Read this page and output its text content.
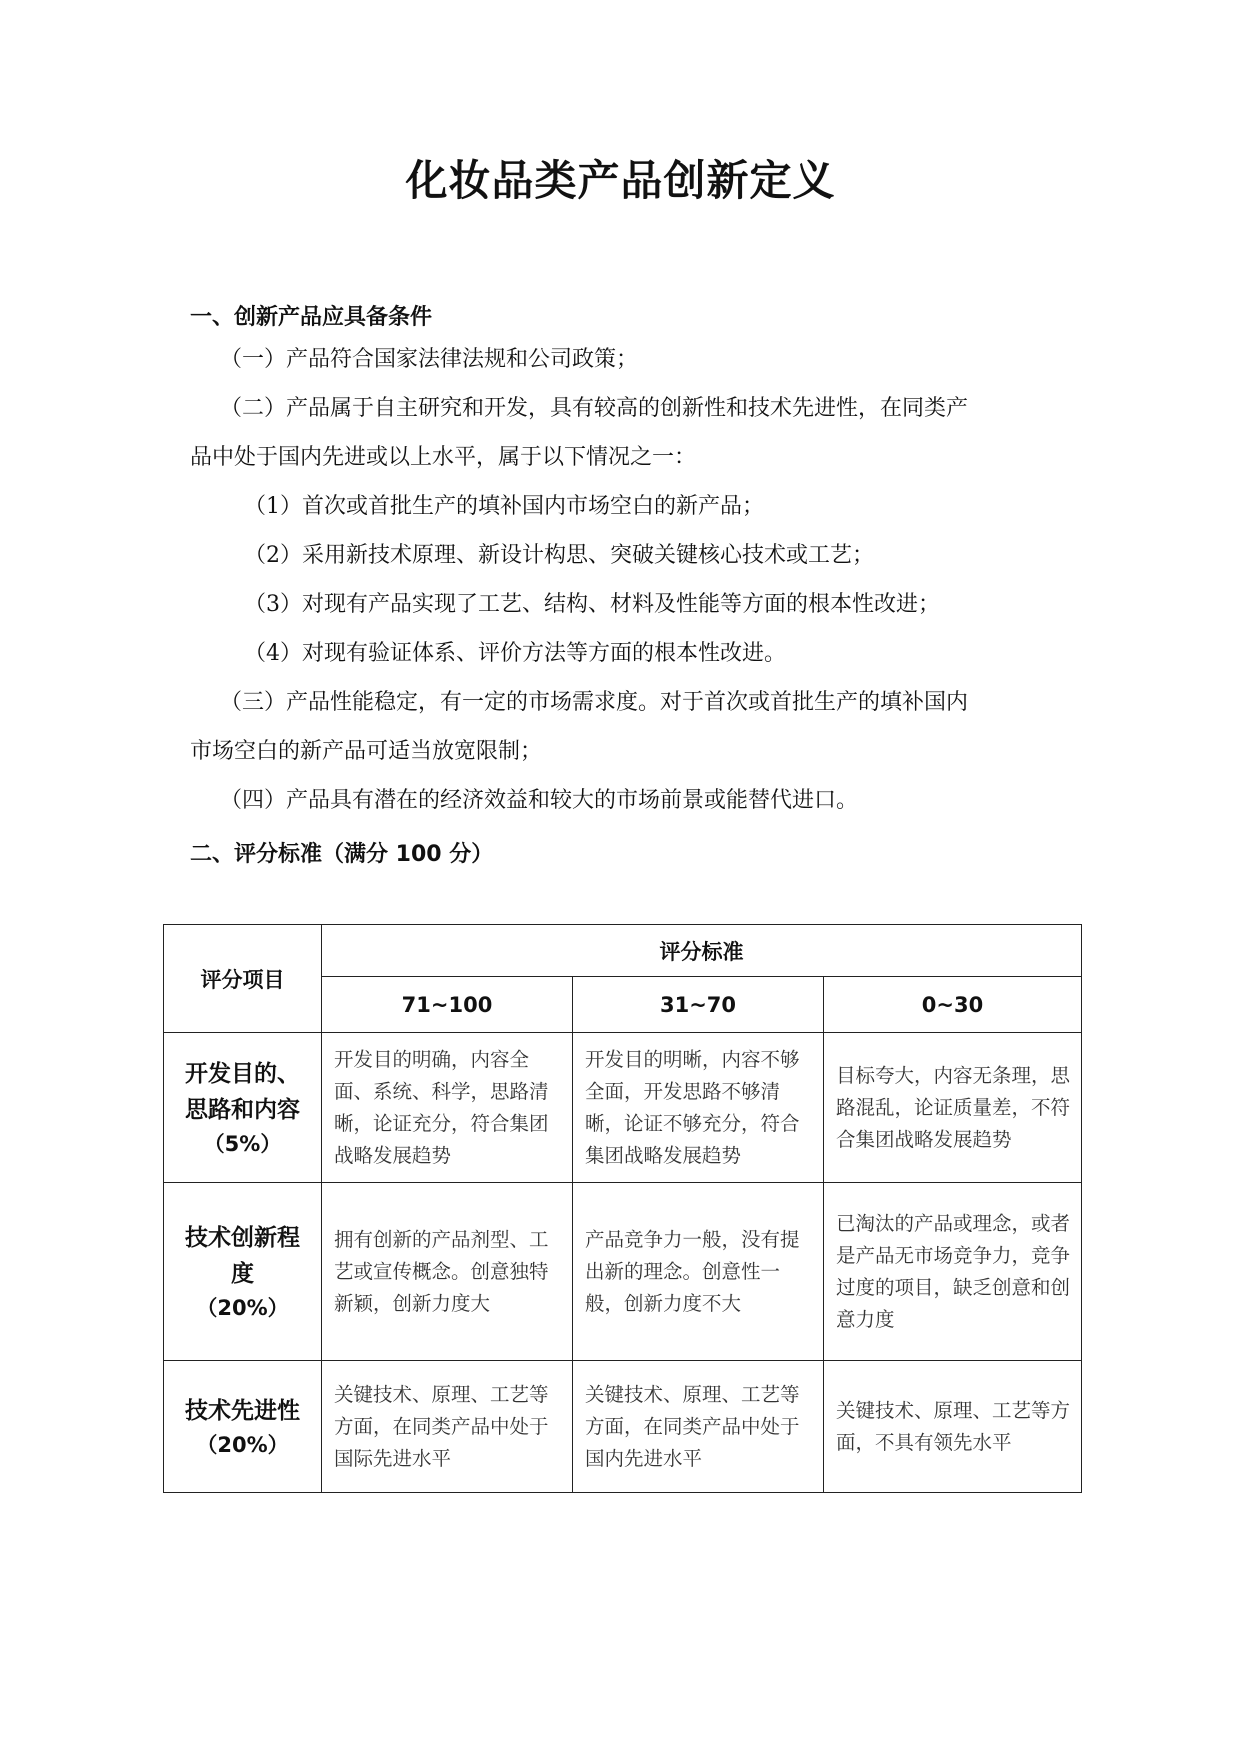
化妆品类产品创新定义
一、创新产品应具备条件

（一）产品符合国家法律法规和公司政策；

（二）产品属于自主研究和开发，具有较高的创新性和技术先进性，在同类产

品中处于国内先进或以上水平，属于以下情况之一：

（1）首次或首批生产的填补国内市场空白的新产品；

（2）采用新技术原理、新设计构思、突破关键核心技术或工艺；

（3）对现有产品实现了工艺、结构、材料及性能等方面的根本性改进；

（4）对现有验证体系、评价方法等方面的根本性改进。

（三）产品性能稳定，有一定的市场需求度。对于首次或首批生产的填补国内

市场空白的新产品可适当放宽限制；

（四）产品具有潜在的经济效益和较大的市场前景或能替代进口。

二、评分标准（满分 100 分）
评分项目	评分标准		
	71~100	31~70	0~30
开发目的、
思路和内容
（5%）	开发目的明确，内容全面、系统、科学，思路清晰，论证充分，符合集团战略发展趋势	开发目的明晰，内容不够全面，开发思路不够清晰，论证不够充分，符合集团战略发展趋势	目标夸大，内容无条理，思路混乱，论证质量差，不符合集团战略发展趋势
技术创新程
度
（20%）	拥有创新的产品剂型、工艺或宣传概念。创意独特新颖，创新力度大	产品竞争力一般，没有提出新的理念。创意性一般，创新力度不大	已淘汰的产品或理念，或者是产品无市场竞争力，竞争过度的项目，缺乏创意和创意力度
技术先进性
（20%）	关键技术、原理、工艺等方面，在同类产品中处于国际先进水平	关键技术、原理、工艺等方面，在同类产品中处于国内先进水平	关键技术、原理、工艺等方面，不具有领先水平
